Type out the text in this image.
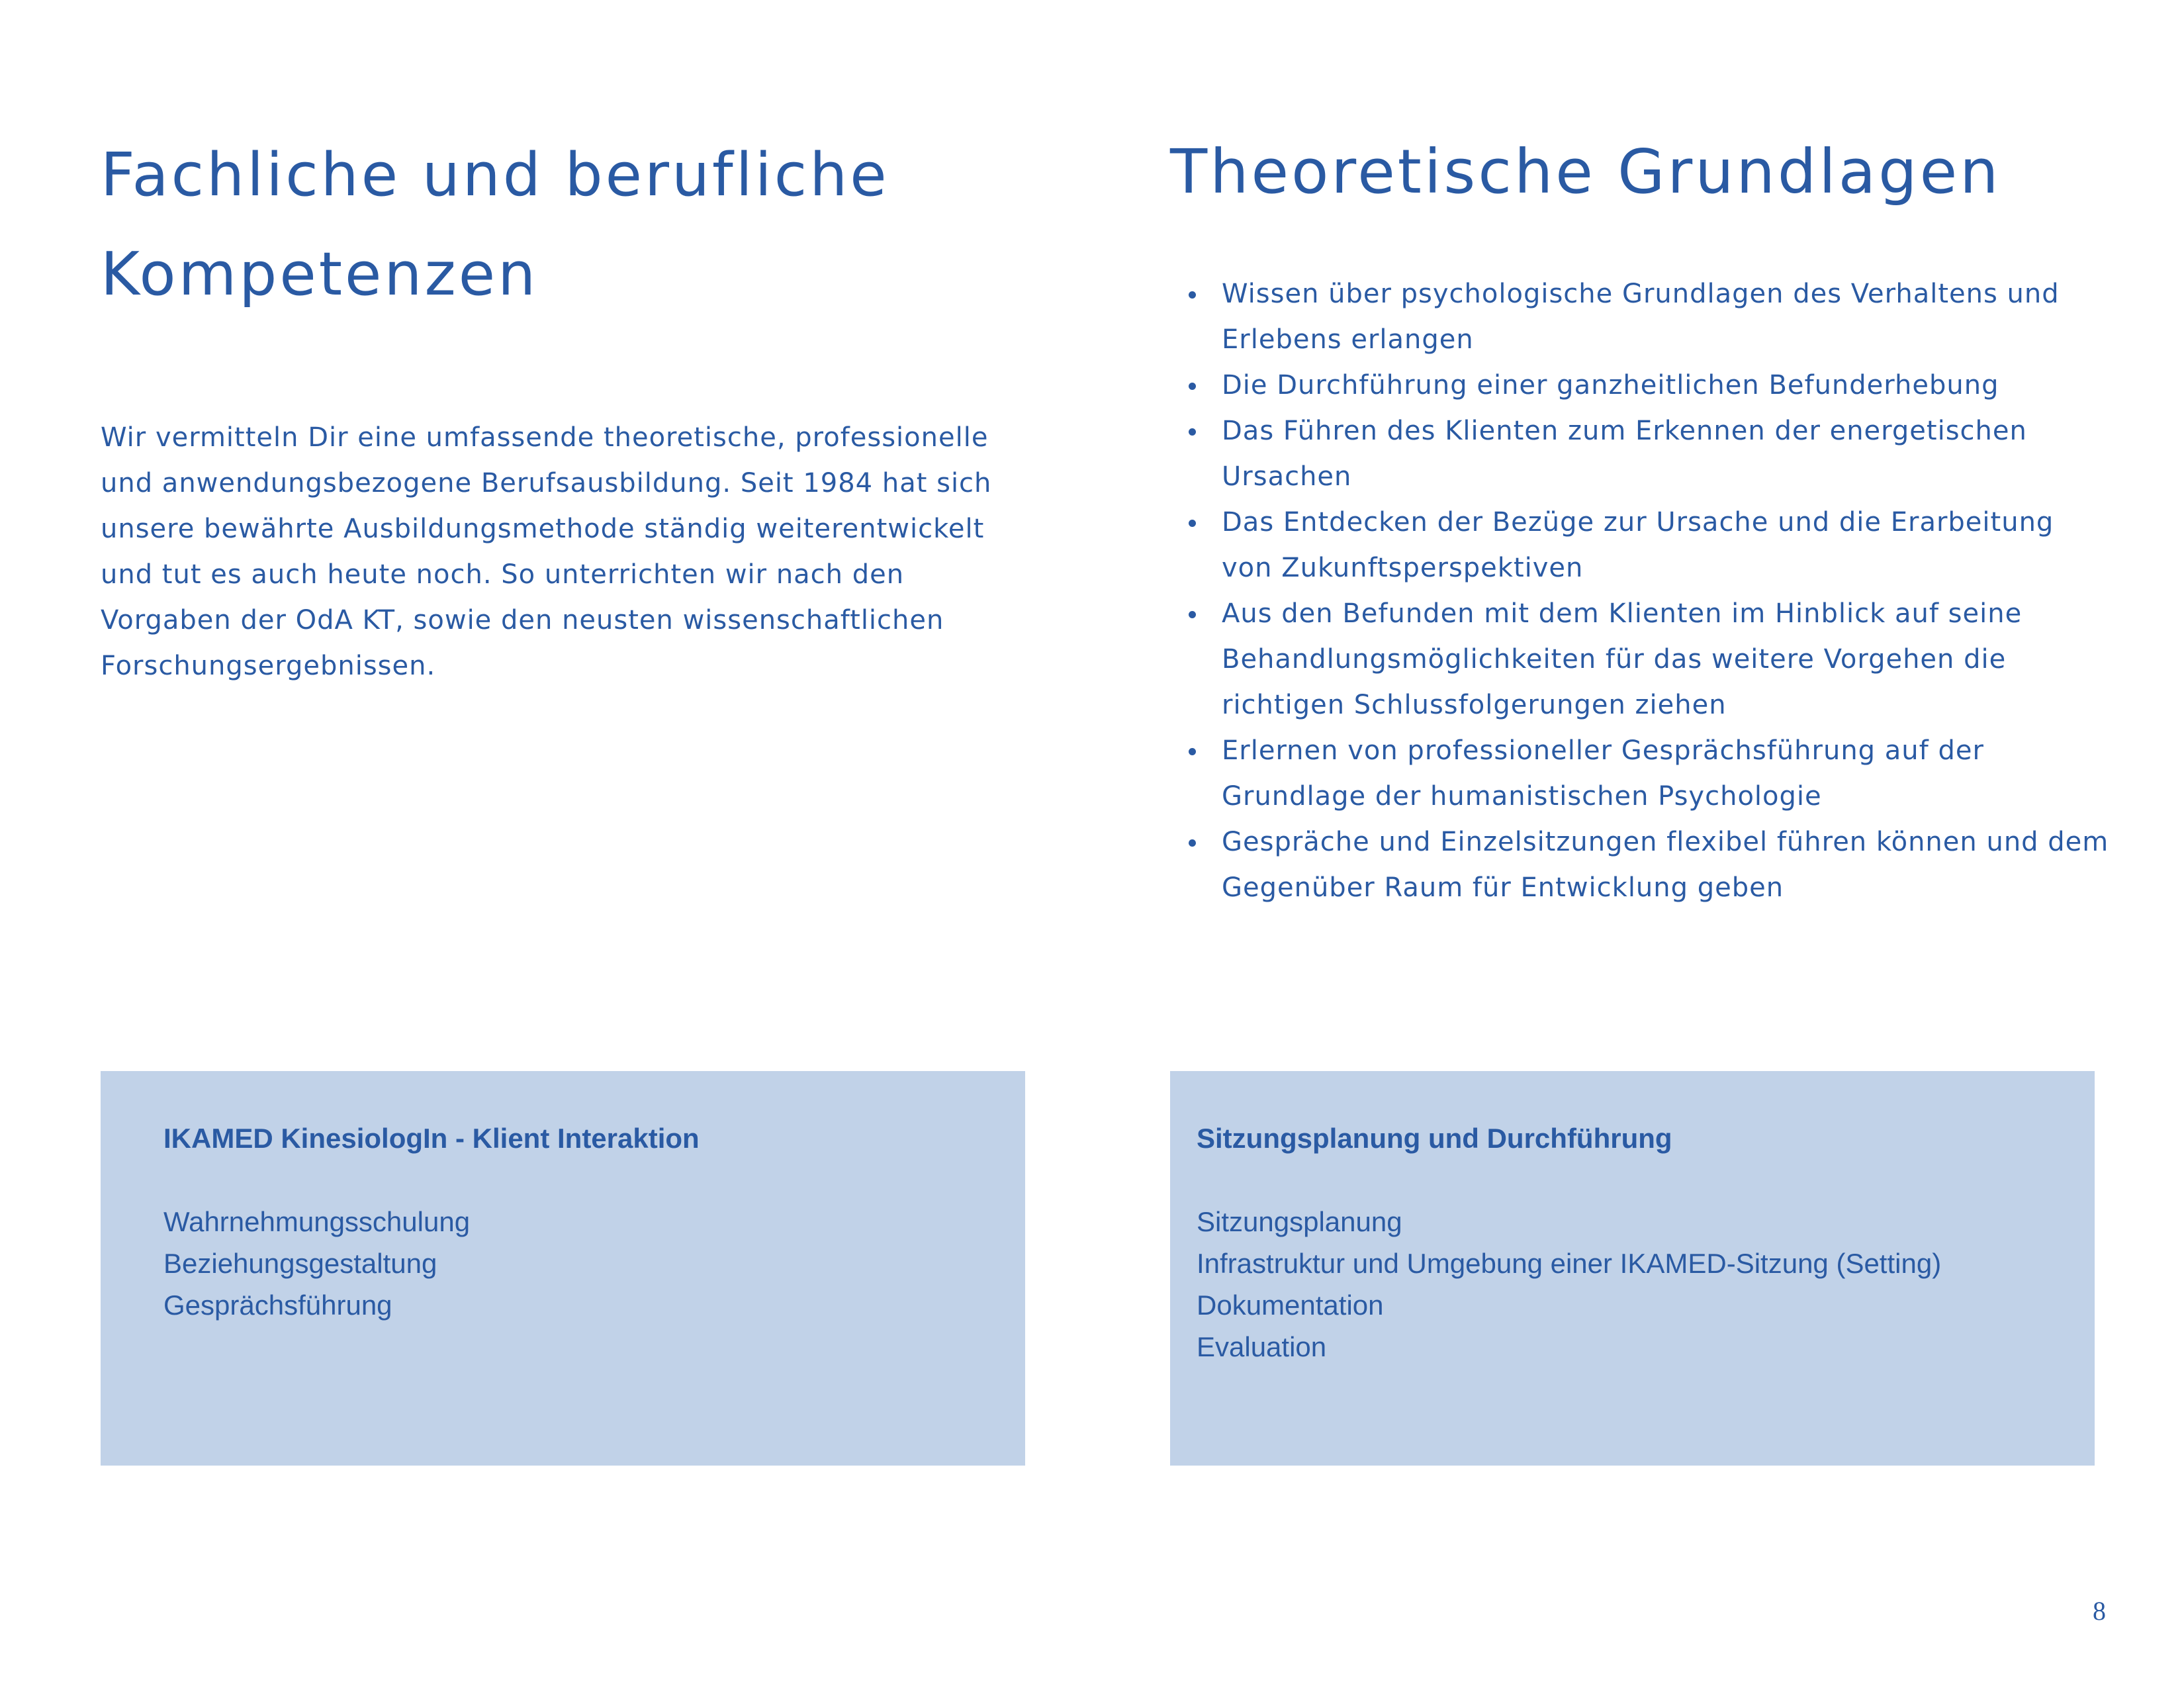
Fachliche und berufliche Kompetenzen

Wir vermitteln Dir eine umfassende theoretische, professionelle und anwendungsbezogene Berufsausbildung. Seit 1984 hat sich unsere bewährte Ausbildungsmethode ständig weiterentwickelt und tut es auch heute noch. So unterrichten wir nach den Vorgaben der OdA KT, sowie den neusten wissenschaftlichen Forschungsergebnissen.

Theoretische Grundlagen
Wissen über psychologische Grundlagen des Verhaltens und Erlebens erlangen
Die Durchführung einer ganzheitlichen Befunderhebung
Das Führen des Klienten zum Erkennen der energetischen Ursachen
Das Entdecken der Bezüge zur Ursache und die Erarbeitung von Zukunftsperspektiven
Aus den Befunden mit dem Klienten im Hinblick auf seine Behandlungsmöglichkeiten für das weitere Vorgehen die richtigen Schlussfolgerungen ziehen
Erlernen von professioneller Gesprächsführung auf der Grundlage der humanistischen Psychologie
Gespräche und Einzelsitzungen flexibel führen können und dem Gegenüber Raum für Entwicklung geben

IKAMED KinesiologIn - Klient Interaktion

Wahrnehmungsschulung
Beziehungsgestaltung
Gesprächsführung

Sitzungsplanung und Durchführung

Sitzungsplanung
Infrastruktur und Umgebung einer IKAMED-Sitzung (Setting)
Dokumentation
Evaluation
8
